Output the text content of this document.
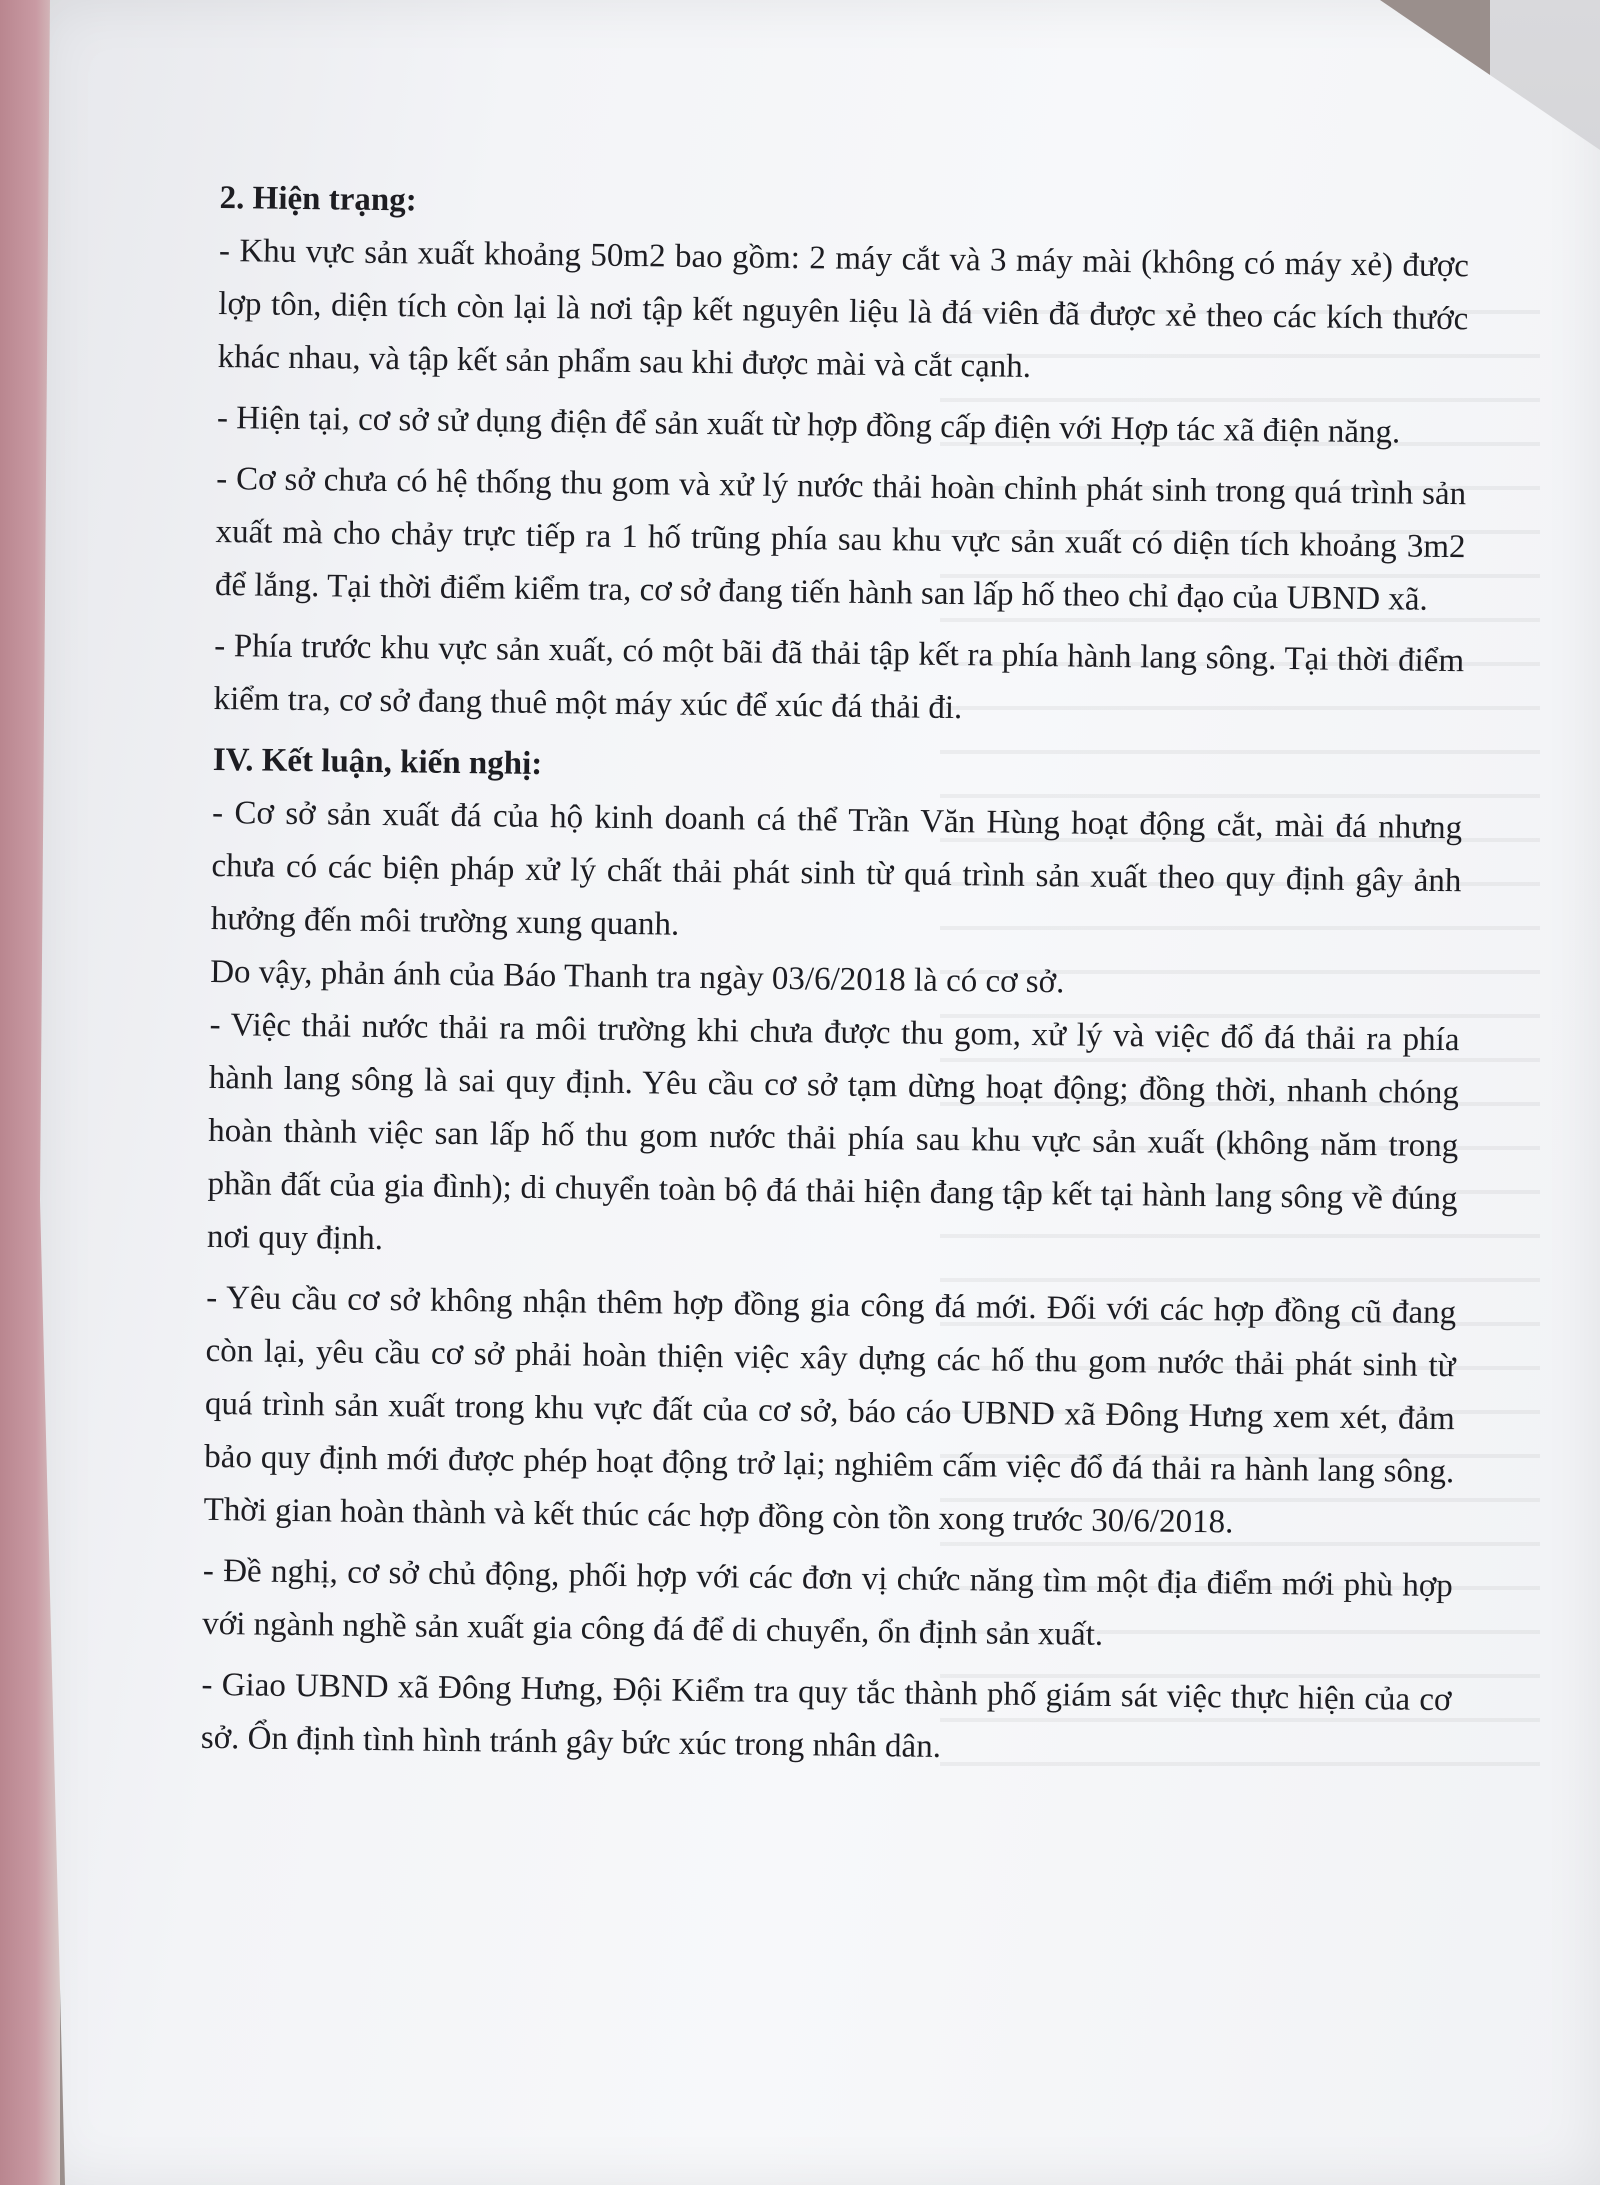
2. Hiện trạng:

- Khu vực sản xuất khoảng 50m2 bao gồm: 2 máy cắt và 3 máy mài (không có máy xẻ) được lợp tôn, diện tích còn lại là nơi tập kết nguyên liệu là đá viên đã được xẻ theo các kích thước khác nhau, và tập kết sản phẩm sau khi được mài và cắt cạnh.

- Hiện tại, cơ sở sử dụng điện để sản xuất từ hợp đồng cấp điện với Hợp tác xã điện năng.

- Cơ sở chưa có hệ thống thu gom và xử lý nước thải hoàn chỉnh phát sinh trong quá trình sản xuất mà cho chảy trực tiếp ra 1 hố trũng phía sau khu vực sản xuất có diện tích khoảng 3m2 để lắng. Tại thời điểm kiểm tra, cơ sở đang tiến hành san lấp hố theo chỉ đạo của UBND xã.

- Phía trước khu vực sản xuất, có một bãi đã thải tập kết ra phía hành lang sông. Tại thời điểm kiểm tra, cơ sở đang thuê một máy xúc để xúc đá thải đi.

IV. Kết luận, kiến nghị:

- Cơ sở sản xuất đá của hộ kinh doanh cá thể Trần Văn Hùng hoạt động cắt, mài đá nhưng chưa có các biện pháp xử lý chất thải phát sinh từ quá trình sản xuất theo quy định gây ảnh hưởng đến môi trường xung quanh.

Do vậy, phản ánh của Báo Thanh tra ngày 03/6/2018 là có cơ sở.

- Việc thải nước thải ra môi trường khi chưa được thu gom, xử lý và việc đổ đá thải ra phía hành lang sông là sai quy định. Yêu cầu cơ sở tạm dừng hoạt động; đồng thời, nhanh chóng hoàn thành việc san lấp hố thu gom nước thải phía sau khu vực sản xuất (không năm trong phần đất của gia đình); di chuyển toàn bộ đá thải hiện đang tập kết tại hành lang sông về đúng nơi quy định.

- Yêu cầu cơ sở không nhận thêm hợp đồng gia công đá mới. Đối với các hợp đồng cũ đang còn lại, yêu cầu cơ sở phải hoàn thiện việc xây dựng các hố thu gom nước thải phát sinh từ quá trình sản xuất trong khu vực đất của cơ sở, báo cáo UBND xã Đông Hưng xem xét, đảm bảo quy định mới được phép hoạt động trở lại; nghiêm cấm việc đổ đá thải ra hành lang sông. Thời gian hoàn thành và kết thúc các hợp đồng còn tồn xong trước 30/6/2018.

- Đề nghị, cơ sở chủ động, phối hợp với các đơn vị chức năng tìm một địa điểm mới phù hợp với ngành nghề sản xuất gia công đá để di chuyển, ổn định sản xuất.

- Giao UBND xã Đông Hưng, Đội Kiểm tra quy tắc thành phố giám sát việc thực hiện của cơ sở. Ổn định tình hình tránh gây bức xúc trong nhân dân.
